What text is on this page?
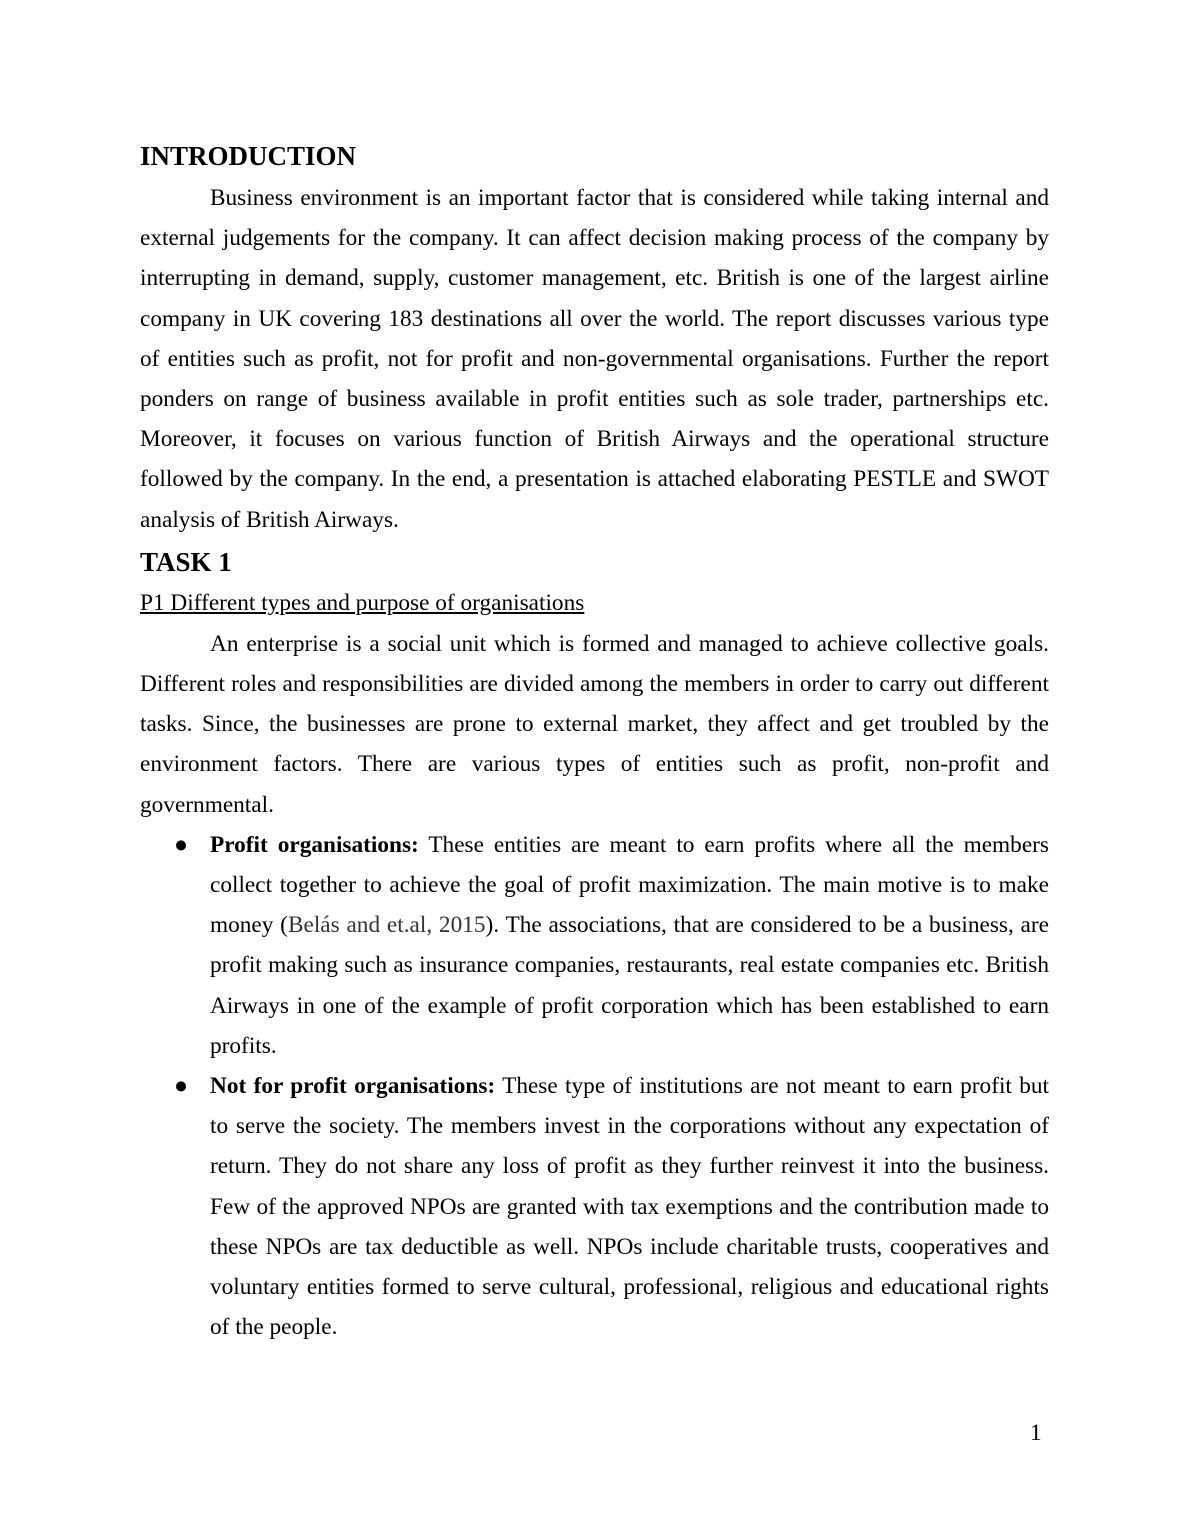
INTRODUCTION

Business environment is an important factor that is considered while taking internal and external judgements for the company. It can affect decision making process of the company by interrupting in demand, supply, customer management, etc. British is one of the largest airline company in UK covering 183 destinations all over the world. The report discusses various type of entities such as profit, not for profit and non-governmental organisations. Further the report ponders on range of business available in profit entities such as sole trader, partnerships etc. Moreover, it focuses on various function of British Airways and the operational structure followed by the company. In the end, a presentation is attached elaborating PESTLE and SWOT analysis of British Airways.

TASK 1

P1 Different types and purpose of organisations

An enterprise is a social unit which is formed and managed to achieve collective goals. Different roles and responsibilities are divided among the members in order to carry out different tasks. Since, the businesses are prone to external market, they affect and get troubled by the environment factors. There are various types of entities such as profit, non-profit and governmental.

● Profit organisations: These entities are meant to earn profits where all the members collect together to achieve the goal of profit maximization. The main motive is to make money (Belás and et.al, 2015). The associations, that are considered to be a business, are profit making such as insurance companies, restaurants, real estate companies etc. British Airways in one of the example of profit corporation which has been established to earn profits.
● Not for profit organisations: These type of institutions are not meant to earn profit but to serve the society. The members invest in the corporations without any expectation of return. They do not share any loss of profit as they further reinvest it into the business. Few of the approved NPOs are granted with tax exemptions and the contribution made to these NPOs are tax deductible as well. NPOs include charitable trusts, cooperatives and voluntary entities formed to serve cultural, professional, religious and educational rights of the people.
1
